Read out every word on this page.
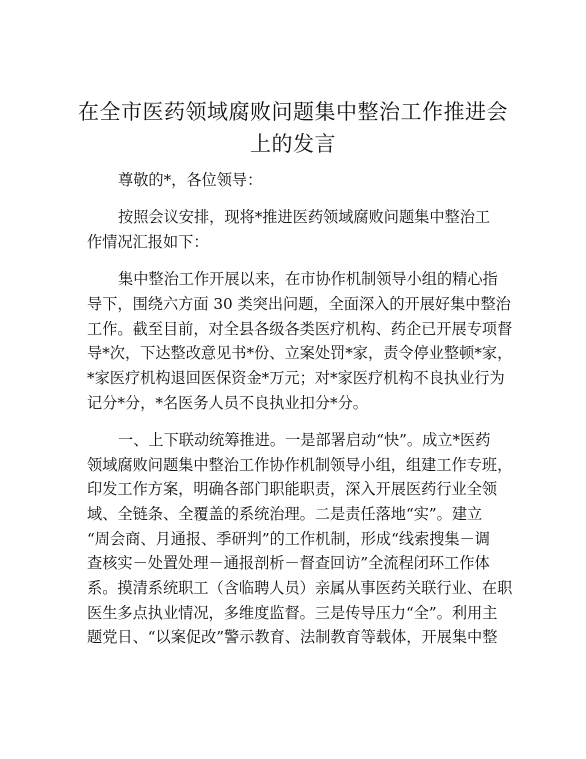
在全市医药领域腐败问题集中整治工作推进会
上的发言

尊敬的*，各位领导：

按照会议安排，现将*推进医药领域腐败问题集中整治工
作情况汇报如下：

集中整治工作开展以来，在市协作机制领导小组的精心指
导下，围绕六方面 30 类突出问题，全面深入的开展好集中整治
工作。截至目前，对全县各级各类医疗机构、药企已开展专项督
导*次，下达整改意见书*份、立案处罚*家，责令停业整顿*家，
*家医疗机构退回医保资金*万元；对*家医疗机构不良执业行为
记分*分，*名医务人员不良执业扣分*分。

一、上下联动统筹推进。一是部署启动“快”。成立*医药
领域腐败问题集中整治工作协作机制领导小组，组建工作专班，
印发工作方案，明确各部门职能职责，深入开展医药行业全领
域、全链条、全覆盖的系统治理。二是责任落地“实”。建立
“周会商、月通报、季研判”的工作机制，形成“线索搜集－调
查核实－处置处理－通报剖析－督查回访”全流程闭环工作体
系。摸清系统职工（含临聘人员）亲属从事医药关联行业、在职
医生多点执业情况，多维度监督。三是传导压力“全”。利用主
题党日、“以案促改”警示教育、法制教育等载体，开展集中整
